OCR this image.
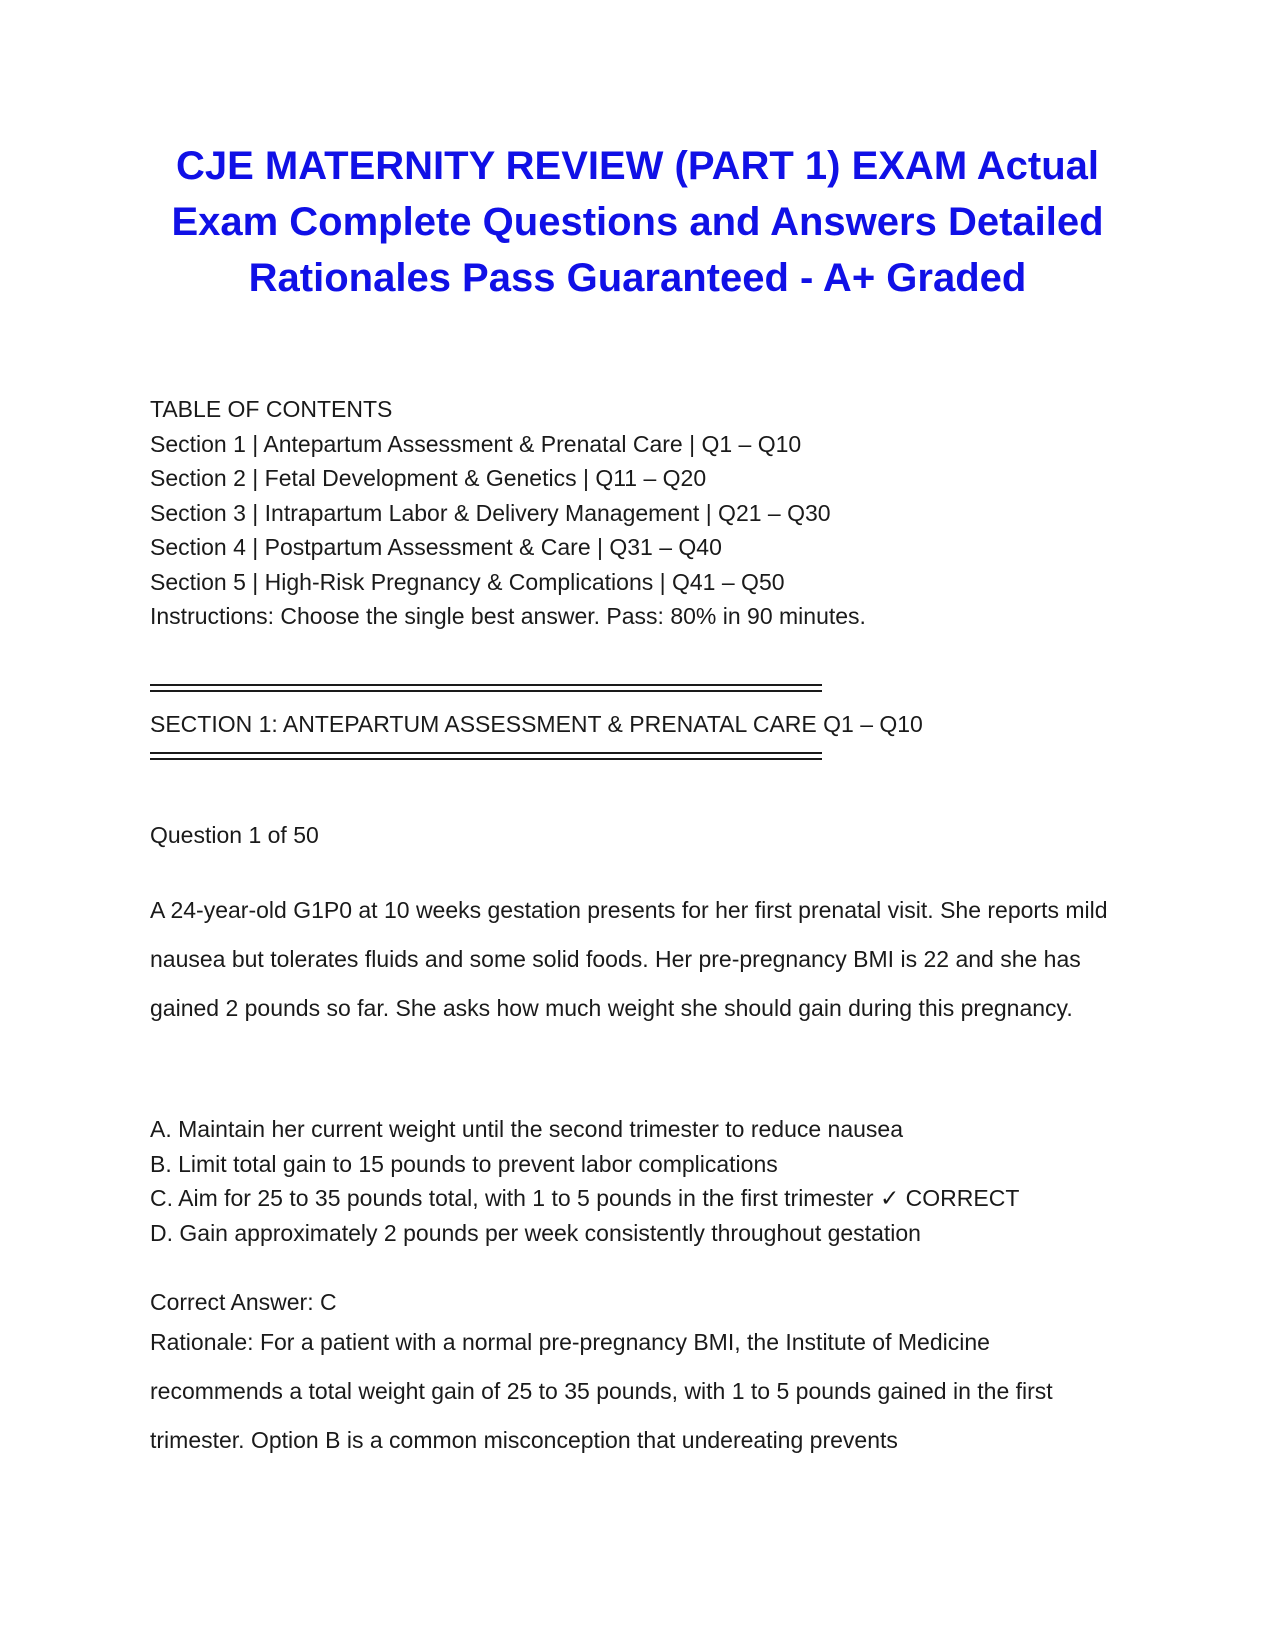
CJE MATERNITY REVIEW (PART 1) EXAM Actual Exam Complete Questions and Answers Detailed Rationales Pass Guaranteed - A+ Graded
TABLE OF CONTENTS
Section 1 | Antepartum Assessment & Prenatal Care | Q1 – Q10
Section 2 | Fetal Development & Genetics | Q11 – Q20
Section 3 | Intrapartum Labor & Delivery Management | Q21 – Q30
Section 4 | Postpartum Assessment & Care | Q31 – Q40
Section 5 | High-Risk Pregnancy & Complications | Q41 – Q50
Instructions: Choose the single best answer. Pass: 80% in 90 minutes.
SECTION 1: ANTEPARTUM ASSESSMENT & PRENATAL CARE Q1 – Q10
Question 1 of 50
A 24-year-old G1P0 at 10 weeks gestation presents for her first prenatal visit. She reports mild nausea but tolerates fluids and some solid foods. Her pre-pregnancy BMI is 22 and she has gained 2 pounds so far. She asks how much weight she should gain during this pregnancy.
A. Maintain her current weight until the second trimester to reduce nausea
B. Limit total gain to 15 pounds to prevent labor complications
C. Aim for 25 to 35 pounds total, with 1 to 5 pounds in the first trimester ✓ CORRECT
D. Gain approximately 2 pounds per week consistently throughout gestation
Correct Answer: C
Rationale: For a patient with a normal pre-pregnancy BMI, the Institute of Medicine recommends a total weight gain of 25 to 35 pounds, with 1 to 5 pounds gained in the first trimester. Option B is a common misconception that undereating prevents
